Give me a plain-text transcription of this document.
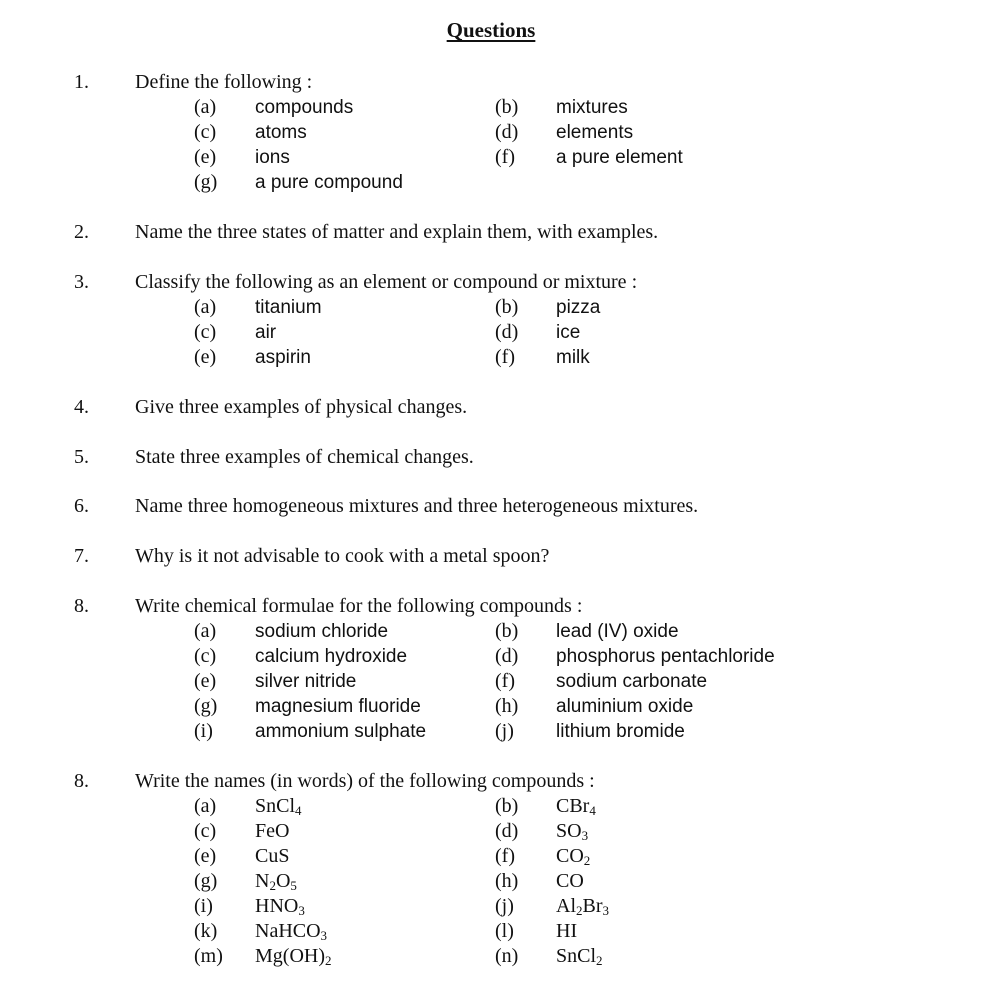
Questions
1. Define the following :
(a) compounds	(b) mixtures
(c) atoms	(d) elements
(e) ions	(f) a pure element
(g) a pure compound
2. Name the three states of matter and explain them, with examples.
3. Classify the following as an element or compound or mixture :
(a) titanium	(b) pizza
(c) air	(d) ice
(e) aspirin	(f) milk
4. Give three examples of physical changes.
5. State three examples of chemical changes.
6. Name three homogeneous mixtures and three heterogeneous mixtures.
7. Why is it not advisable to cook with a metal spoon?
8. Write chemical formulae for the following compounds :
(a) sodium chloride	(b) lead (IV) oxide
(c) calcium hydroxide	(d) phosphorus pentachloride
(e) silver nitride	(f) sodium carbonate
(g) magnesium fluoride	(h) aluminium oxide
(i) ammonium sulphate	(j) lithium bromide
8. Write the names (in words) of the following compounds :
(a) SnCl$_4$	(b) CBr$_4$
(c) FeO	(d) $SO_3$
(e) CuS	(f) $CO_2$
(g) $N_2O_5$	(h) CO
(i) $HNO_3$	(j) $Al_2Br_3$
(k) NaHCO$_3$	(l) HI
(m) $Mg(OH)_2$	(n) SnCl$_2$
